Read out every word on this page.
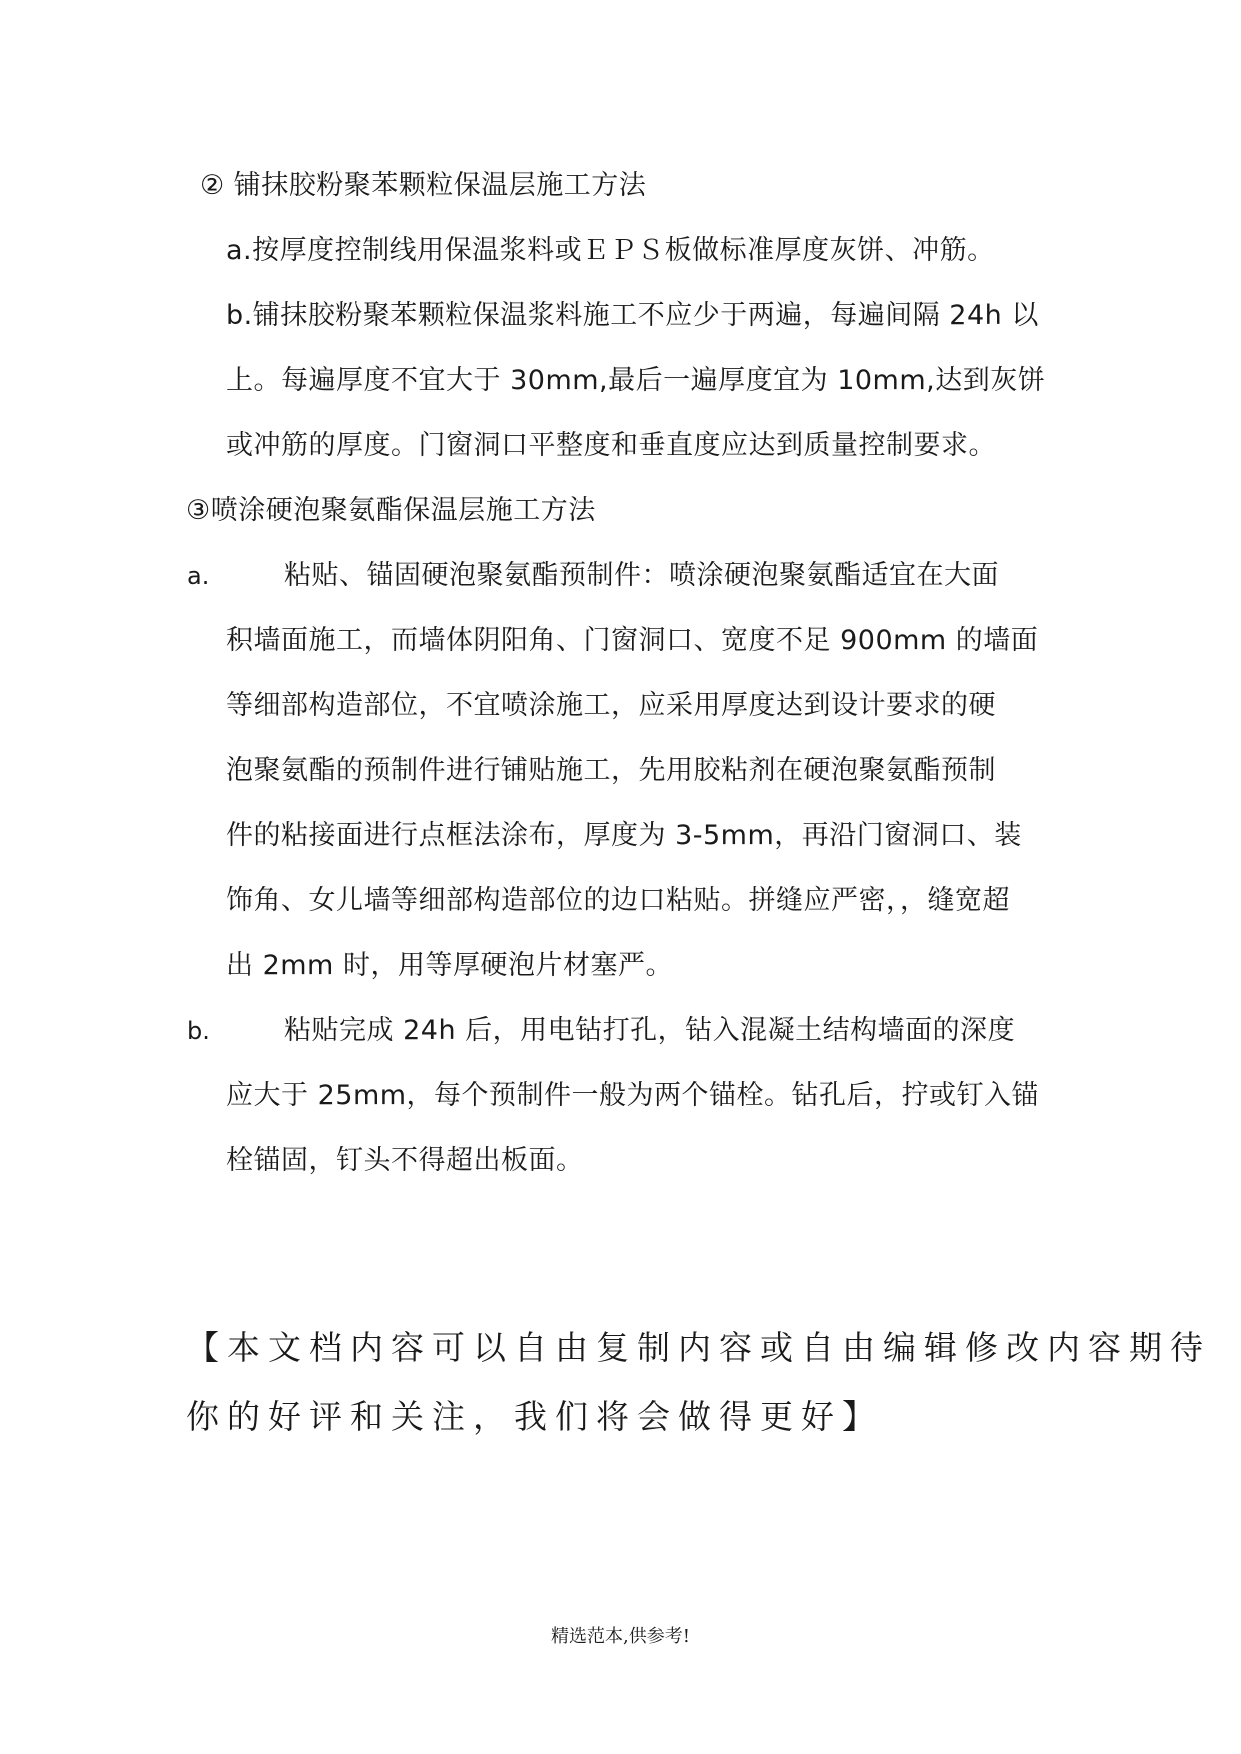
② 铺抹胶粉聚苯颗粒保温层施工方法
a.按厚度控制线用保温浆料或ＥＰＳ板做标准厚度灰饼、冲筋。
b.铺抹胶粉聚苯颗粒保温浆料施工不应少于两遍，每遍间隔 24h 以
上。每遍厚度不宜大于 30mm,最后一遍厚度宜为 10mm,达到灰饼
或冲筋的厚度。门窗洞口平整度和垂直度应达到质量控制要求。
③喷涂硬泡聚氨酯保温层施工方法
a.	粘贴、锚固硬泡聚氨酯预制件：喷涂硬泡聚氨酯适宜在大面
积墙面施工，而墙体阴阳角、门窗洞口、宽度不足 900mm 的墙面
等细部构造部位，不宜喷涂施工，应采用厚度达到设计要求的硬
泡聚氨酯的预制件进行铺贴施工，先用胶粘剂在硬泡聚氨酯预制
件的粘接面进行点框法涂布，厚度为 3-5mm，再沿门窗洞口、装
饰角、女儿墙等细部构造部位的边口粘贴。拼缝应严密，，缝宽超
出 2mm 时，用等厚硬泡片材塞严。
b.	粘贴完成 24h 后，用电钻打孔，钻入混凝土结构墙面的深度
应大于 25mm，每个预制件一般为两个锚栓。钻孔后，拧或钉入锚
栓锚固，钉头不得超出板面。
【本文档内容可以自由复制内容或自由编辑修改内容期待
你的好评和关注，我们将会做得更好】
精选范本,供参考!
